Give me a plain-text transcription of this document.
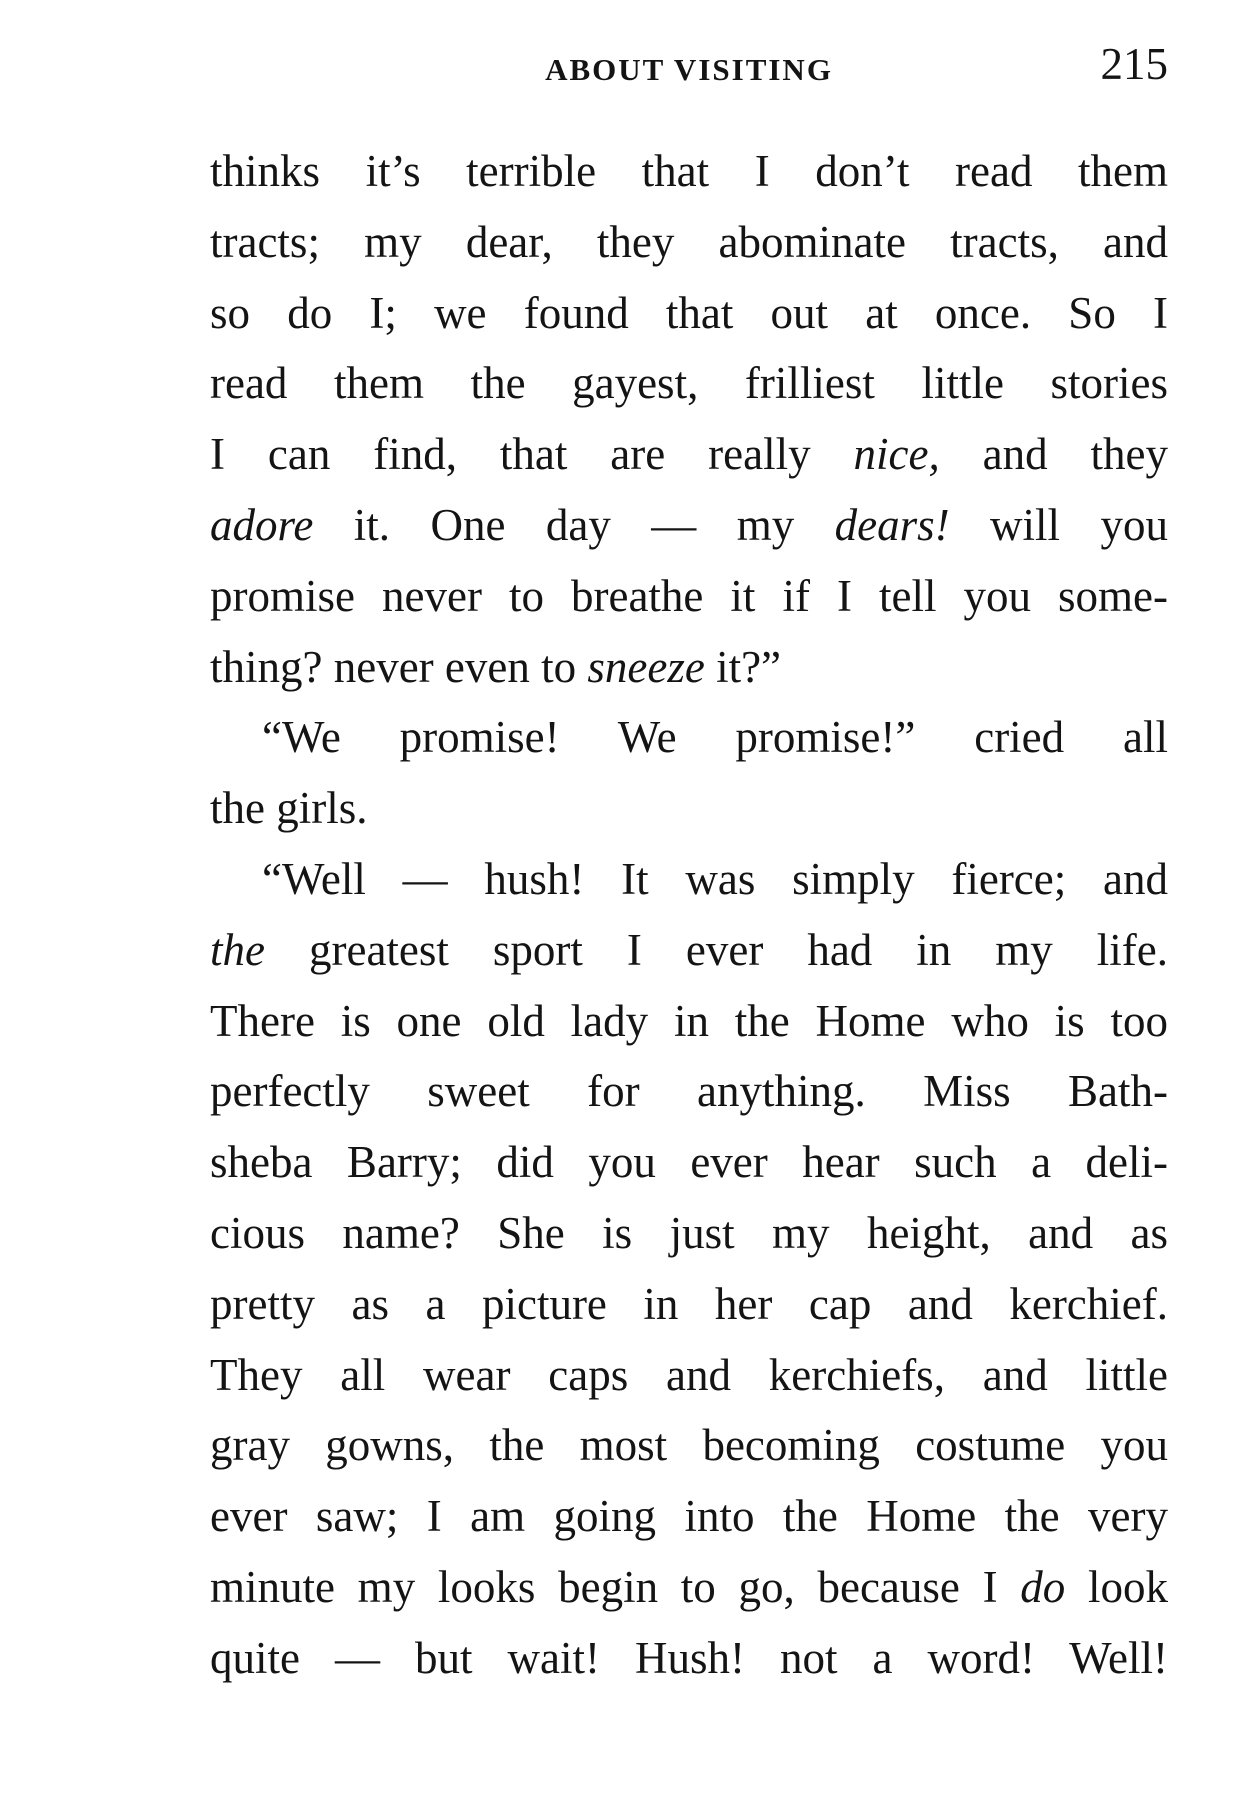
ABOUT VISITING	215
thinks it’s terrible that I don’t read them
tracts; my dear, they abominate tracts, and
so do I; we found that out at once. So I
read them the gayest, frilliest little stories
I can find, that are really nice, and they
adore it. One day — my dears! will you
promise never to breathe it if I tell you some-
thing? never even to sneeze it?”
“We promise! We promise!” cried all
the girls.
“Well — hush! It was simply fierce; and
the greatest sport I ever had in my life.
There is one old lady in the Home who is too
perfectly sweet for anything. Miss Bath-
sheba Barry; did you ever hear such a deli-
cious name? She is just my height, and as
pretty as a picture in her cap and kerchief.
They all wear caps and kerchiefs, and little
gray gowns, the most becoming costume you
ever saw; I am going into the Home the very
minute my looks begin to go, because I do look
quite — but wait! Hush! not a word! Well!
